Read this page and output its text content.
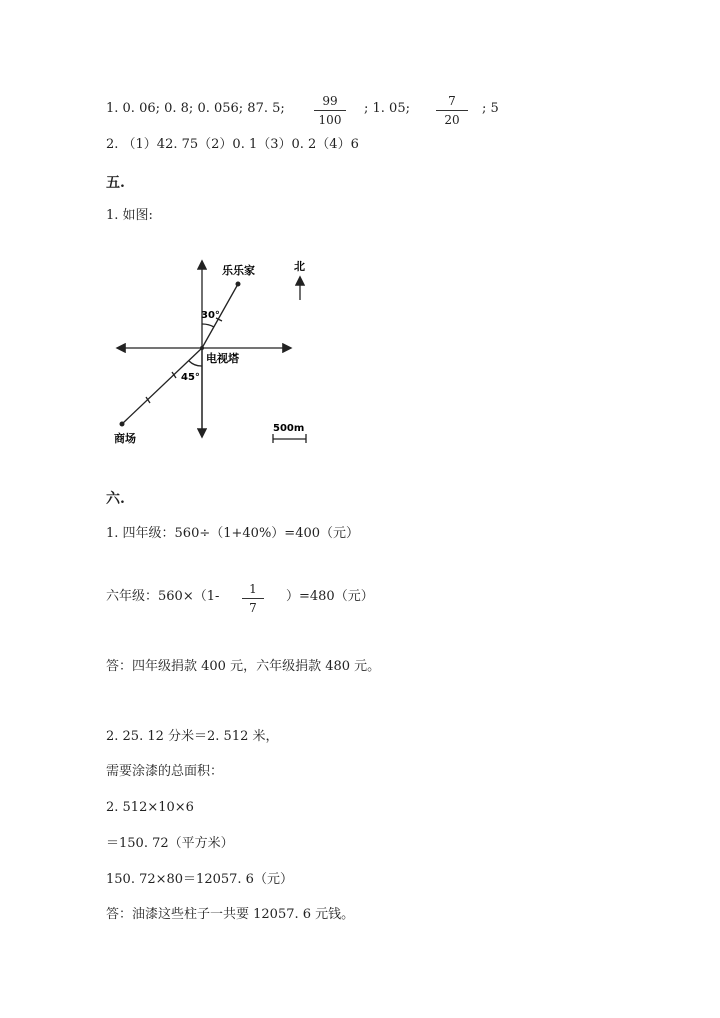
1. 0. 06; 0. 8; 0. 056; 87. 5;	99
100
; 1. 05;	7
20
; 5
2. （1）42. 75（2）0. 1（3）0. 2（4）6
五.
1. 如图:
北
乐乐家
电视塔
商场
30°
45°
500m
六.
1. 四年级：560÷（1+40%）=400（元）
六年级：560×（1-	1
7
）=480（元）
答：四年级捐款 400 元，六年级捐款 480 元。
2. 25. 12 分米＝2. 512 米，
需要涂漆的总面积：
2. 512×10×6
＝150. 72（平方米）
150. 72×80＝12057. 6（元）
答：油漆这些柱子一共要 12057. 6 元钱。
